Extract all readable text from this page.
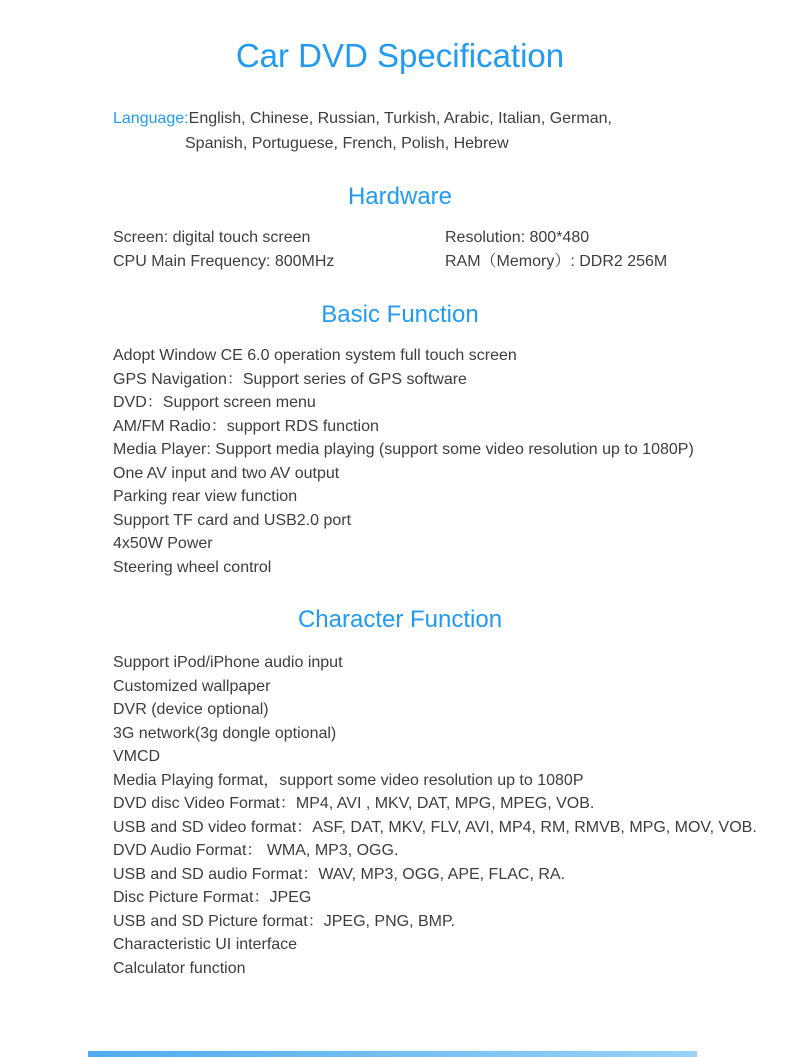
Car DVD Specification

Language:English, Chinese, Russian, Turkish, Arabic, Italian, German,
Spanish, Portuguese, French, Polish, Hebrew

Hardware
Screen: digital touch screen	Resolution: 800*480
CPU Main Frequency: 800MHz	RAM（Memory）: DDR2 256M
Basic Function
Adopt Window CE 6.0 operation system full touch screen
GPS Navigation：Support series of GPS software
DVD：Support screen menu
AM/FM Radio：support RDS function
Media Player: Support media playing (support some video resolution up to 1080P)
One AV input and two AV output
Parking rear view function
Support TF card and USB2.0 port
4x50W Power
Steering wheel control
Character Function
Support iPod/iPhone audio input
Customized wallpaper
DVR (device optional)
3G network(3g dongle optional)
VMCD
Media Playing format，support some video resolution up to 1080P
DVD disc Video Format：MP4, AVI , MKV, DAT, MPG, MPEG, VOB.
USB and SD video format：ASF, DAT, MKV, FLV, AVI, MP4, RM, RMVB, MPG, MOV, VOB.
DVD Audio Format： WMA, MP3, OGG.
USB and SD audio Format：WAV, MP3, OGG, APE, FLAC, RA.
Disc Picture Format：JPEG
USB and SD Picture format：JPEG, PNG, BMP.
Characteristic UI interface
Calculator function
